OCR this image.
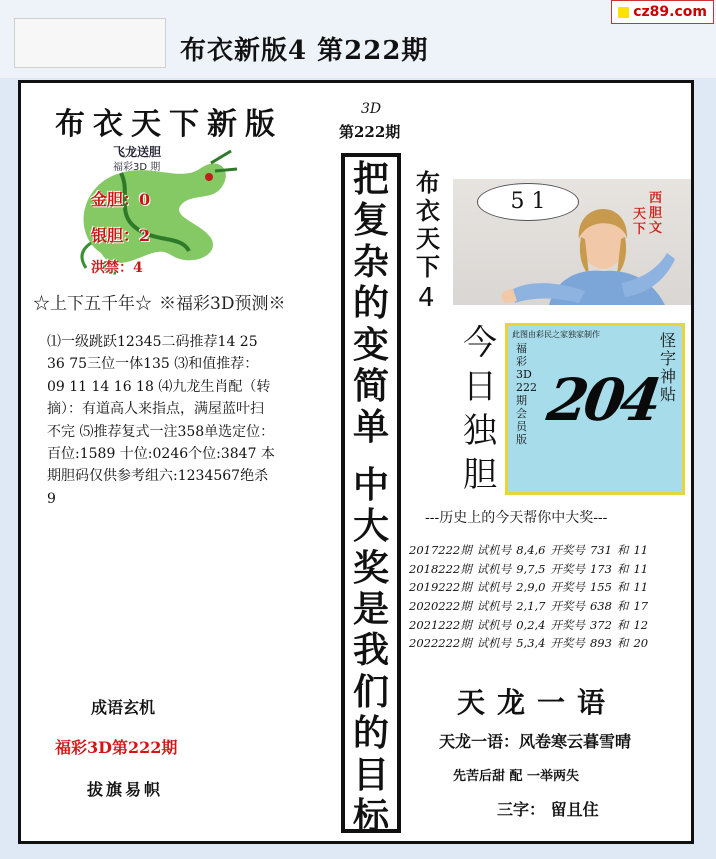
cz89.com
布衣新版4 第222期
布衣天下新版
飞龙送胆
福彩3D 期
金胆：0
银胆：2
洪禁：4
☆上下五千年☆ ※福彩3D预测※
⑴一级跳跃12345二码推荐14 25 36 75三位一体135 ⑶和值推荐：09 11 14 16 18 ⑷九龙生肖配（转摘）：有道高人来指点，满屋蓝叶扫不完 ⑸推荐复式一注358单选定位：百位:1589 十位:0246个位:3847 本期胆码仅供参考组六:1234567绝杀9
成语玄机
福彩3D第222期
拔旗易帜
3D
第222期
把
复
杂
的
变
简
单
中
大
奖
是
我
们
的
目
标
布
衣
天
下
4
5 1	西胆文
天下
今
日
独
胆
此图由彩民之家独家制作
福彩3D 222期会员版
怪字神贴
204
---历史上的今天帮你中大奖---
2017222期	试机号	8,4,6	开奖号	731	和	11
2018222期	试机号	9,7,5	开奖号	173	和	11
2019222期	试机号	2,9,0	开奖号	155	和	11
2020222期	试机号	2,1,7	开奖号	638	和	17
2021222期	试机号	0,2,4	开奖号	372	和	12
2022222期	试机号	5,3,4	开奖号	893	和	20
天龙一语
天龙一语：风卷寒云暮雪晴
先苦后甜 配 一举两失
三字： 留且住
